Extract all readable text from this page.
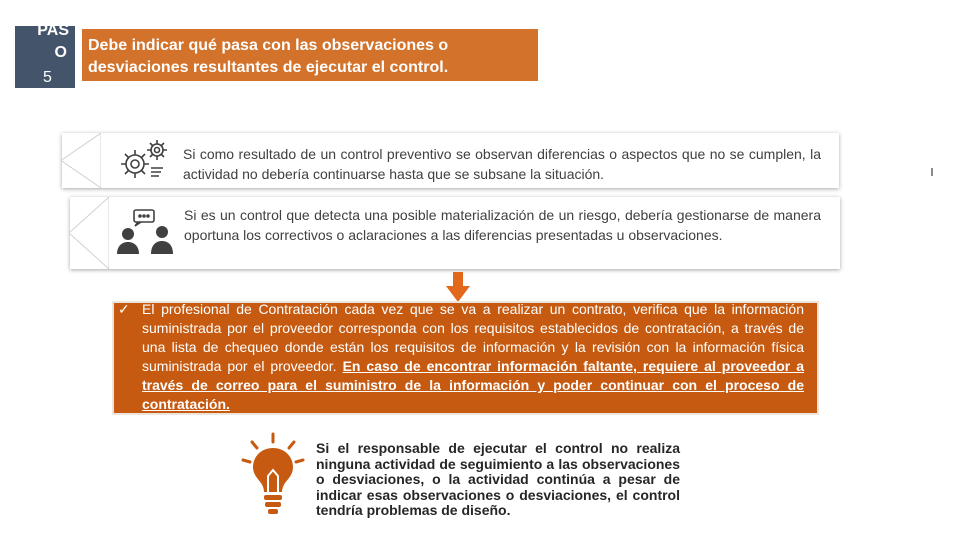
PAS
O
5
Debe indicar qué pasa con las observaciones o
desviaciones resultantes de ejecutar el control.
Si como resultado de un control preventivo se observan diferencias o aspectos que no se cumplen, la actividad no debería continuarse hasta que se subsane la situación.
Si es un control que detecta una posible materialización de un riesgo, debería gestionarse de manera oportuna los correctivos o aclaraciones a las diferencias presentadas u observaciones.
✓ El profesional de Contratación cada vez que se va a realizar un contrato, verifica que la información suministrada por el proveedor corresponda con los requisitos establecidos de contratación, a través de una lista de chequeo donde están los requisitos de información y la revisión con la información física suministrada por el proveedor. En caso de encontrar información faltante, requiere al proveedor a través de correo para el suministro de la información y poder continuar con el proceso de contratación.
Si el responsable de ejecutar el control no realiza ninguna actividad de seguimiento a las observaciones o desviaciones, o la actividad continúa a pesar de indicar esas observaciones o desviaciones, el control tendría problemas de diseño.
